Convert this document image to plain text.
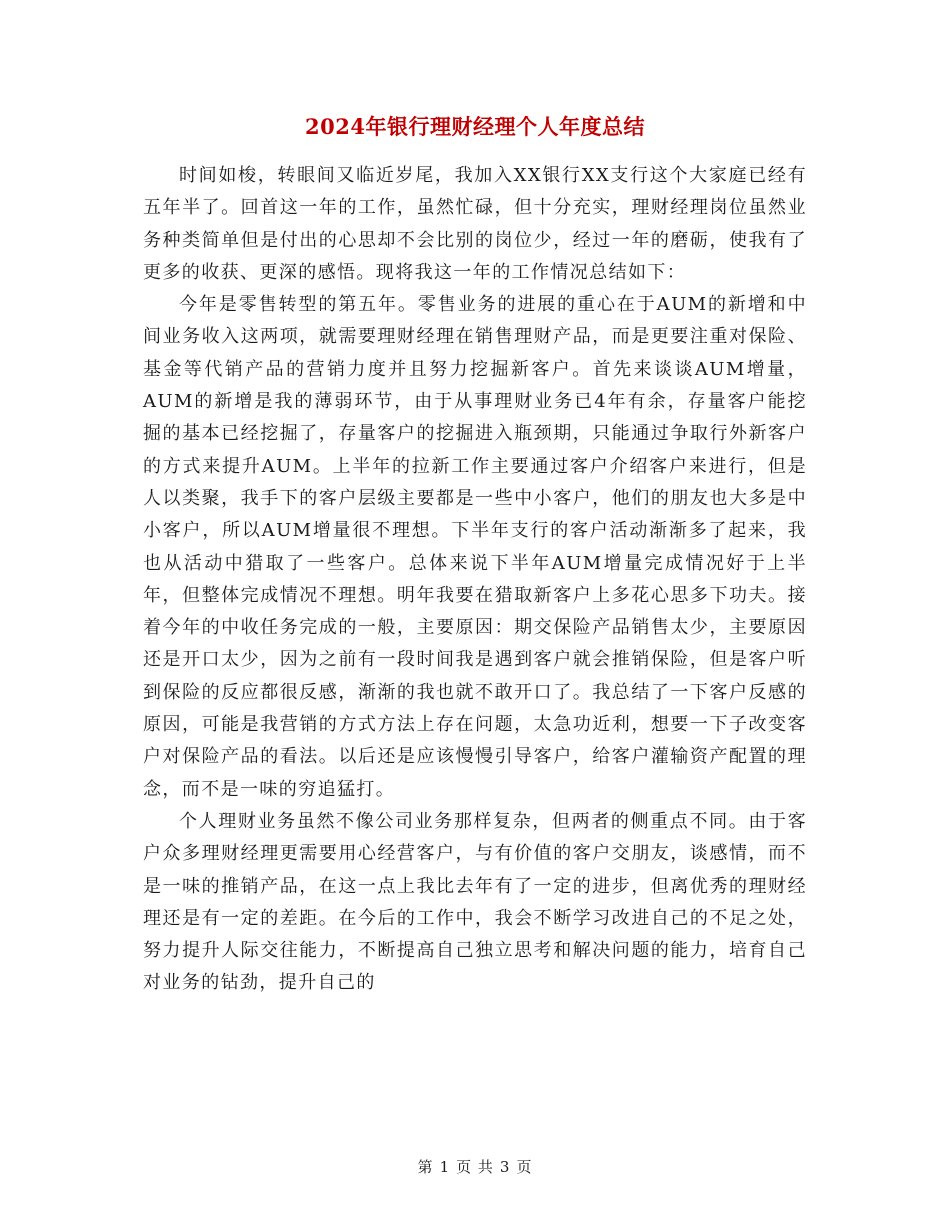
2024年银行理财经理个人年度总结

时间如梭，转眼间又临近岁尾，我加入XX银行XX支行这个大家庭已经有五年半了。回首这一年的工作，虽然忙碌，但十分充实，理财经理岗位虽然业务种类简单但是付出的心思却不会比别的岗位少，经过一年的磨砺，使我有了更多的收获、更深的感悟。现将我这一年的工作情况总结如下：

今年是零售转型的第五年。零售业务的进展的重心在于AUM的新增和中间业务收入这两项，就需要理财经理在销售理财产品，而是更要注重对保险、基金等代销产品的营销力度并且努力挖掘新客户。首先来谈谈AUM增量，AUM的新增是我的薄弱环节，由于从事理财业务已4年有余，存量客户能挖掘的基本已经挖掘了，存量客户的挖掘进入瓶颈期，只能通过争取行外新客户的方式来提升AUM。上半年的拉新工作主要通过客户介绍客户来进行，但是人以类聚，我手下的客户层级主要都是一些中小客户，他们的朋友也大多是中小客户，所以AUM增量很不理想。下半年支行的客户活动渐渐多了起来，我也从活动中猎取了一些客户。总体来说下半年AUM增量完成情况好于上半年，但整体完成情况不理想。明年我要在猎取新客户上多花心思多下功夫。接着今年的中收任务完成的一般，主要原因：期交保险产品销售太少，主要原因还是开口太少，因为之前有一段时间我是遇到客户就会推销保险，但是客户听到保险的反应都很反感，渐渐的我也就不敢开口了。我总结了一下客户反感的原因，可能是我营销的方式方法上存在问题，太急功近利，想要一下子改变客户对保险产品的看法。以后还是应该慢慢引导客户，给客户灌输资产配置的理念，而不是一味的穷追猛打。

个人理财业务虽然不像公司业务那样复杂，但两者的侧重点不同。由于客户众多理财经理更需要用心经营客户，与有价值的客户交朋友，谈感情，而不是一味的推销产品，在这一点上我比去年有了一定的进步，但离优秀的理财经理还是有一定的差距。在今后的工作中，我会不断学习改进自己的不足之处，努力提升人际交往能力，不断提高自己独立思考和解决问题的能力，培育自己对业务的钻劲，提升自己的

第 1 页 共 3 页
